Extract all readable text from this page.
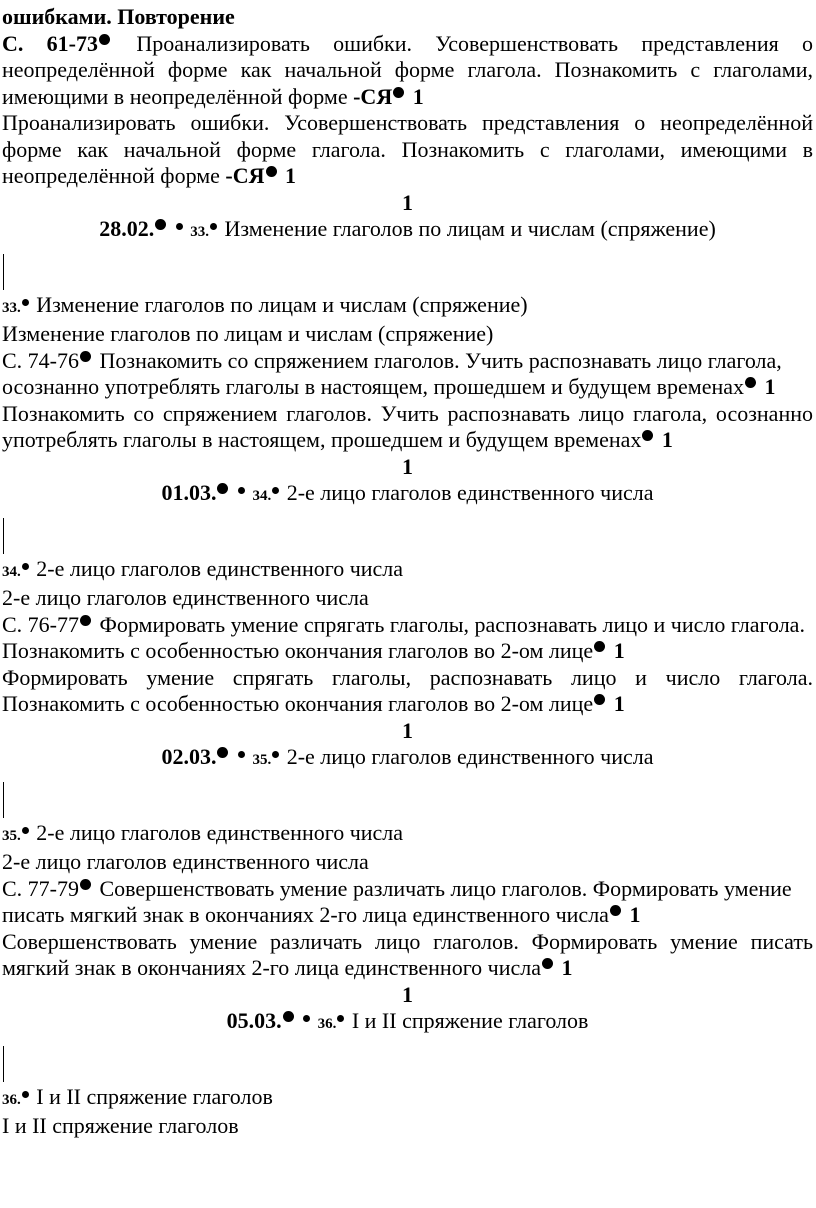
ошибками. Повторение

С. 61-73 Проанализировать ошибки. Усовершенствовать представления о неопределённой форме как начальной форме глагола. Познакомить с глаголами, имеющими в неопределённой форме -СЯ 1

Проанализировать ошибки. Усовершенствовать представления о неопределённой форме как начальной форме глагола. Познакомить с глаголами, имеющими в неопределённой форме -СЯ 1

1

28.02. 33. Изменение глаголов по лицам и числам (спряжение)

33. Изменение глаголов по лицам и числам (спряжение)

Изменение глаголов по лицам и числам (спряжение)

С. 74-76 Познакомить со спряжением глаголов. Учить распознавать лицо глагола, осознанно употреблять глаголы в настоящем, прошедшем и будущем временах 1

Познакомить со спряжением глаголов. Учить распознавать лицо глагола, осознанно употреблять глаголы в настоящем, прошедшем и будущем временах 1

1

01.03. 34. 2-е лицо глаголов единственного числа

34. 2-е лицо глаголов единственного числа

2-е лицо глаголов единственного числа

С. 76-77 Формировать умение спрягать глаголы, распознавать лицо и число глагола. Познакомить с особенностью окончания глаголов во 2-ом лице 1

Формировать умение спрягать глаголы, распознавать лицо и число глагола. Познакомить с особенностью окончания глаголов во 2-ом лице 1

1

02.03. 35. 2-е лицо глаголов единственного числа

35. 2-е лицо глаголов единственного числа

2-е лицо глаголов единственного числа

С. 77-79 Совершенствовать умение различать лицо глаголов. Формировать умение писать мягкий знак в окончаниях 2-го лица единственного числа 1

Совершенствовать умение различать лицо глаголов. Формировать умение писать мягкий знак в окончаниях 2-го лица единственного числа 1

1

05.03. 36. I и II спряжение глаголов

36. I и II спряжение глаголов

I и II спряжение глаголов
